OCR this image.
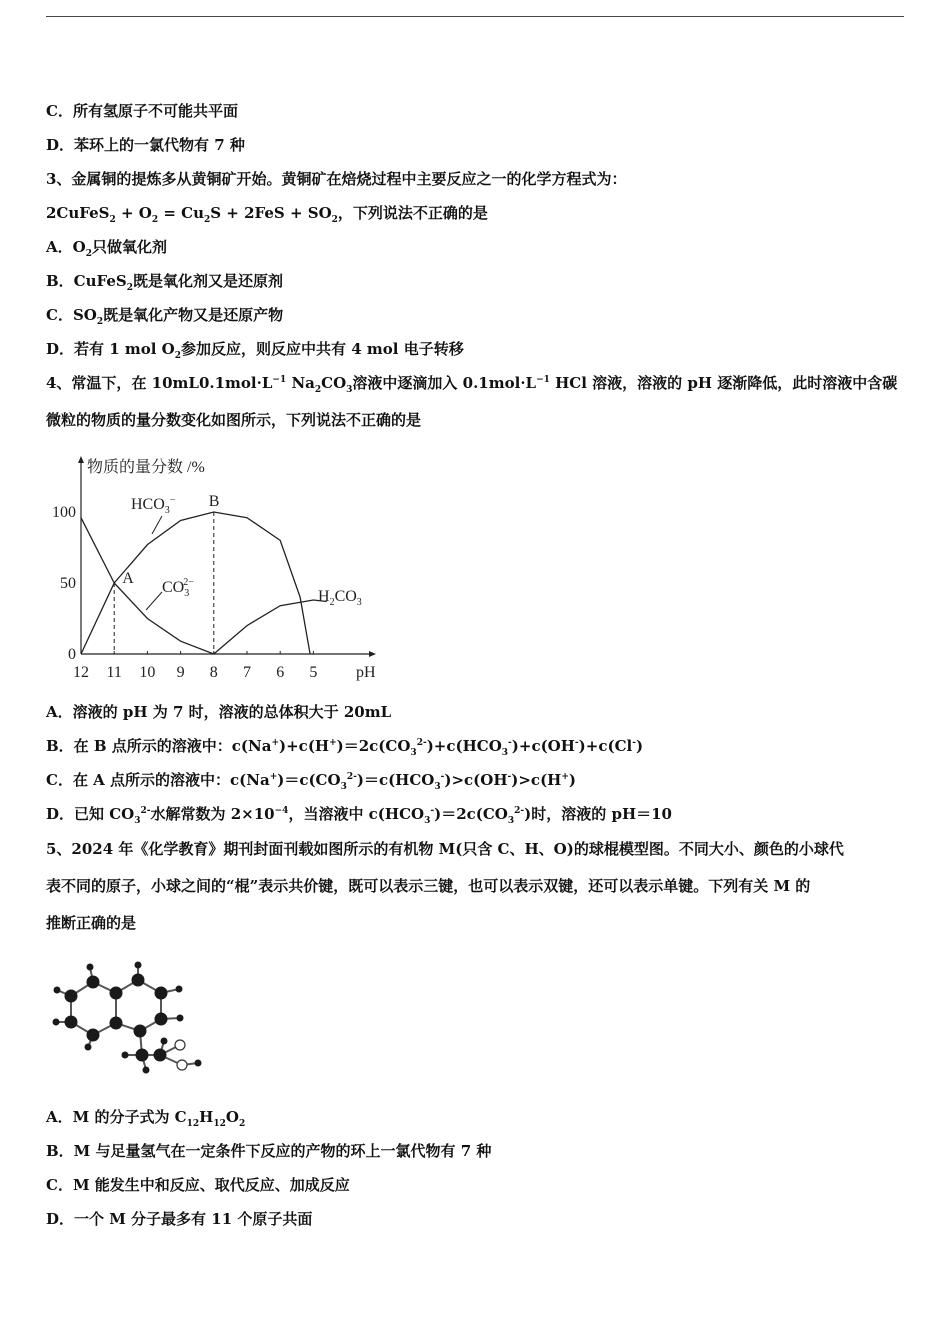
C．所有氢原子不可能共平面
D．苯环上的一氯代物有 7 种
3、金属铜的提炼多从黄铜矿开始。黄铜矿在焙烧过程中主要反应之一的化学方程式为：
2CuFeS$_2$ + $O_2 = Cu_2S + 2FeS + SO_2$，下列说法不正确的是
A．$O_2$只做氧化剂
B．CuFeS$_2$既是氧化剂又是还原剂
C．$SO_2$既是氧化产物又是还原产物
D．若有 1 mol $O_2$参加反应，则反应中共有 4 mol 电子转移
4、常温下，在 $10mL0.1mol\cdot L^{-1}$ $Na_2CO_3$溶液中逐滴加入 $0.1mol\cdot L^{-1}$ HCl 溶液，溶液的 pH 逐渐降低，此时溶液中含碳
微粒的物质的量分数变化如图所示，下列说法不正确的是
物质的量分数 /%
pH
12 11 10 9 8 7 6 5
100
50
0
A
B
$HCO_3^-$
$CO_32-$
$H_2CO_3$
A．溶液的 pH 为 7 时，溶液的总体积大于 20mL
B．在 B 点所示的溶液中：$c(Na^+)+c(H^+)=2c(CO_3^{2-})+c(HCO_3^-)+c(OH^-)+c(Cl^-)$
C．在 A 点所示的溶液中：$c(Na^+)=c(CO_3^{2-})=c(HCO_3^-)>c(OH^-)>c(H^+)$
D．已知 $CO_3^{2-}$水解常数为 $2\times 10^{-4}$，当溶液中 $c(HCO_3^-)=2c(CO_3^{2-})$时，溶液的 pH＝10
5、2024 年《化学教育》期刊封面刊载如图所示的有机物 M(只含 C、H、O)的球棍模型图。不同大小、颜色的小球代
表不同的原子，小球之间的“棍”表示共价键，既可以表示三键，也可以表示双键，还可以表示单键。下列有关 M 的
推断正确的是
A．M 的分子式为 $C_{12}H_{12}O_2$
B．M 与足量氢气在一定条件下反应的产物的环上一氯代物有 7 种
C．M 能发生中和反应、取代反应、加成反应
D．一个 M 分子最多有 11 个原子共面
